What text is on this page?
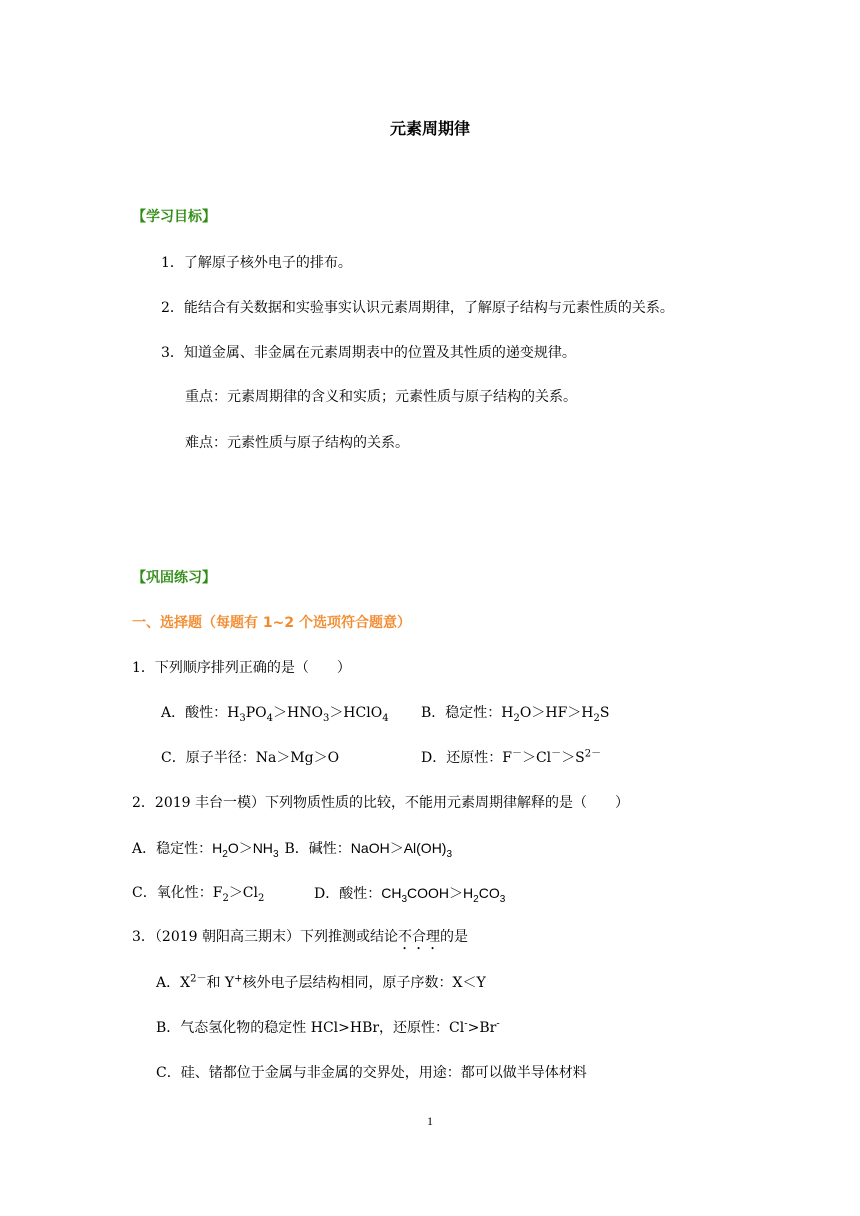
元素周期律
【学习目标】
1．了解原子核外电子的排布。
2．能结合有关数据和实验事实认识元素周期律，了解原子结构与元素性质的关系。
3．知道金属、非金属在元素周期表中的位置及其性质的递变规律。
重点：元素周期律的含义和实质；元素性质与原子结构的关系。
难点：元素性质与原子结构的关系。
【巩固练习】
一、选择题（每题有 1~2 个选项符合题意）
1．下列顺序排列正确的是（　　）
A．酸性：$H_3PO_4>HNO_3>HClO_4$ B．稳定性：$H_2O>HF>H_2S$
C．原子半径：Na＞Mg＞O	D．还原性：$F^->Cl^->S^{2-}$
2．2019 丰台一模）下列物质性质的比较，不能用元素周期律解释的是（　　）
A．稳定性：$H_2O>NH_3$ B．碱性：$NaOH>Al(OH)_3$
C．氧化性：$F_2>Cl_2$	D．酸性：$CH_3COOH>H_2CO_3$
3．（2019 朝阳高三期末）下列推测或结论不合理的是
A．$X^{2-}$和 Y+核外电子层结构相同，原子序数：X＜Y
B．气态氢化物的稳定性 HCl>HBr，还原性：Cl->Br-
C．硅、锗都位于金属与非金属的交界处，用途：都可以做半导体材料
1
